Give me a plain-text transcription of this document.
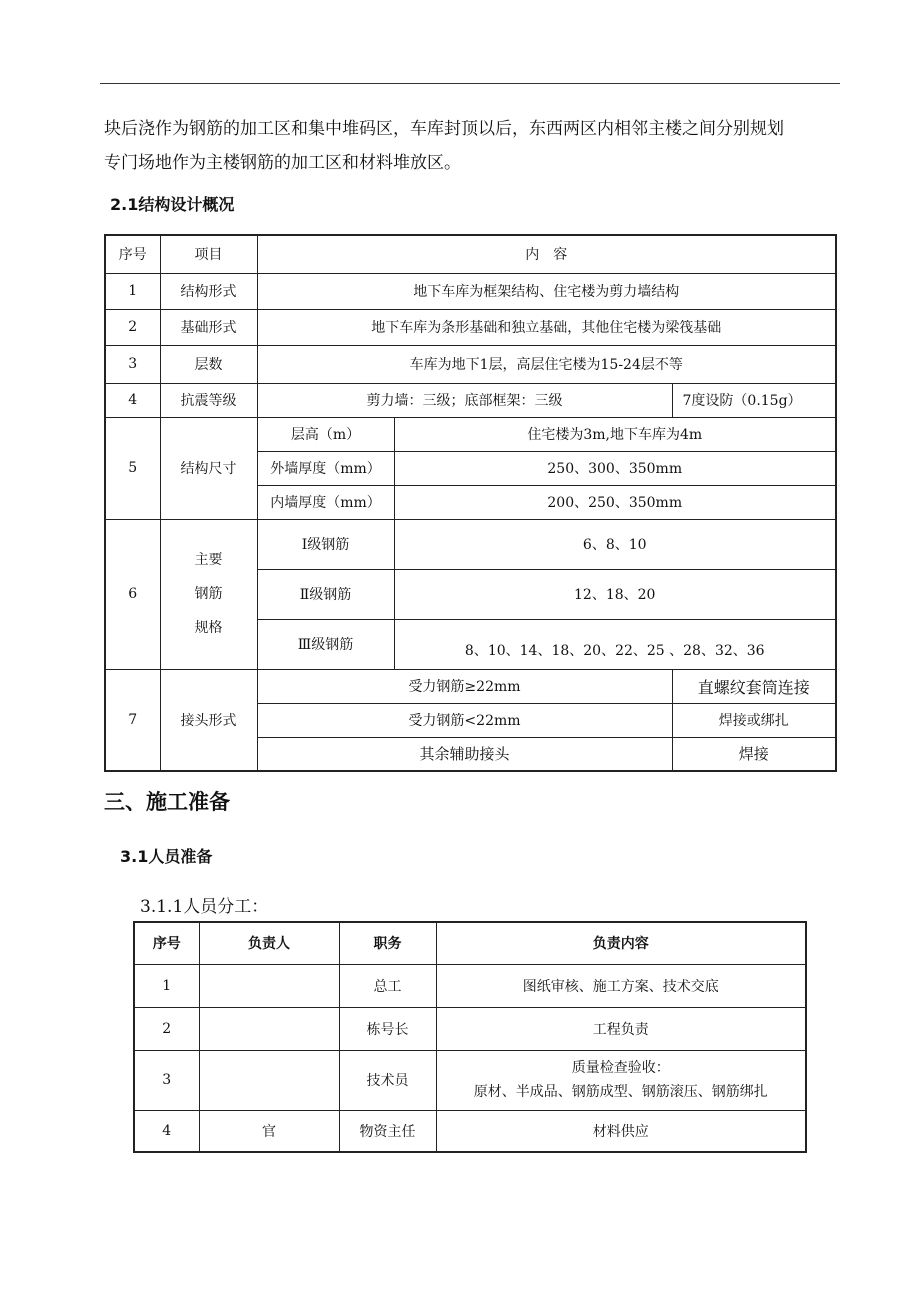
块后浇作为钢筋的加工区和集中堆码区，车库封顶以后，东西两区内相邻主楼之间分别规划
专门场地作为主楼钢筋的加工区和材料堆放区。
2.1结构设计概况
序号	项目	内　容		
1	结构形式	地下车库为框架结构、住宅楼为剪力墙结构		
2	基础形式	地下车库为条形基础和独立基础，其他住宅楼为梁筏基础		
3	层数	车库为地下1层，高层住宅楼为15-24层不等		
4	抗震等级	剪力墙：三级；底部框架：三级		7度设防（0.15g）
5	结构尺寸	层高（m）	住宅楼为3m,地下车库为4m	
		外墙厚度（mm）	250、300、350mm	
		内墙厚度（mm）	200、250、350mm	
6	主要
钢筋
规格	Ⅰ级钢筋	6、8、10	
		Ⅱ级钢筋	12、18、20	
		Ⅲ级钢筋	8、10、14、18、20、22、25 、28、32、36	
7	接头形式	受力钢筋≥22mm		直螺纹套筒连接
		受力钢筋<22mm		焊接或绑扎
		其余辅助接头		焊接
三、施工准备
3.1人员准备
3.1.1人员分工：
序号	负责人	职务	负责内容
1		总工	图纸审核、施工方案、技术交底
2		栋号长	工程负责
3		技术员	质量检查验收：
原材、半成品、钢筋成型、钢筋滚压、钢筋绑扎

4	官	物资主任	材料供应
